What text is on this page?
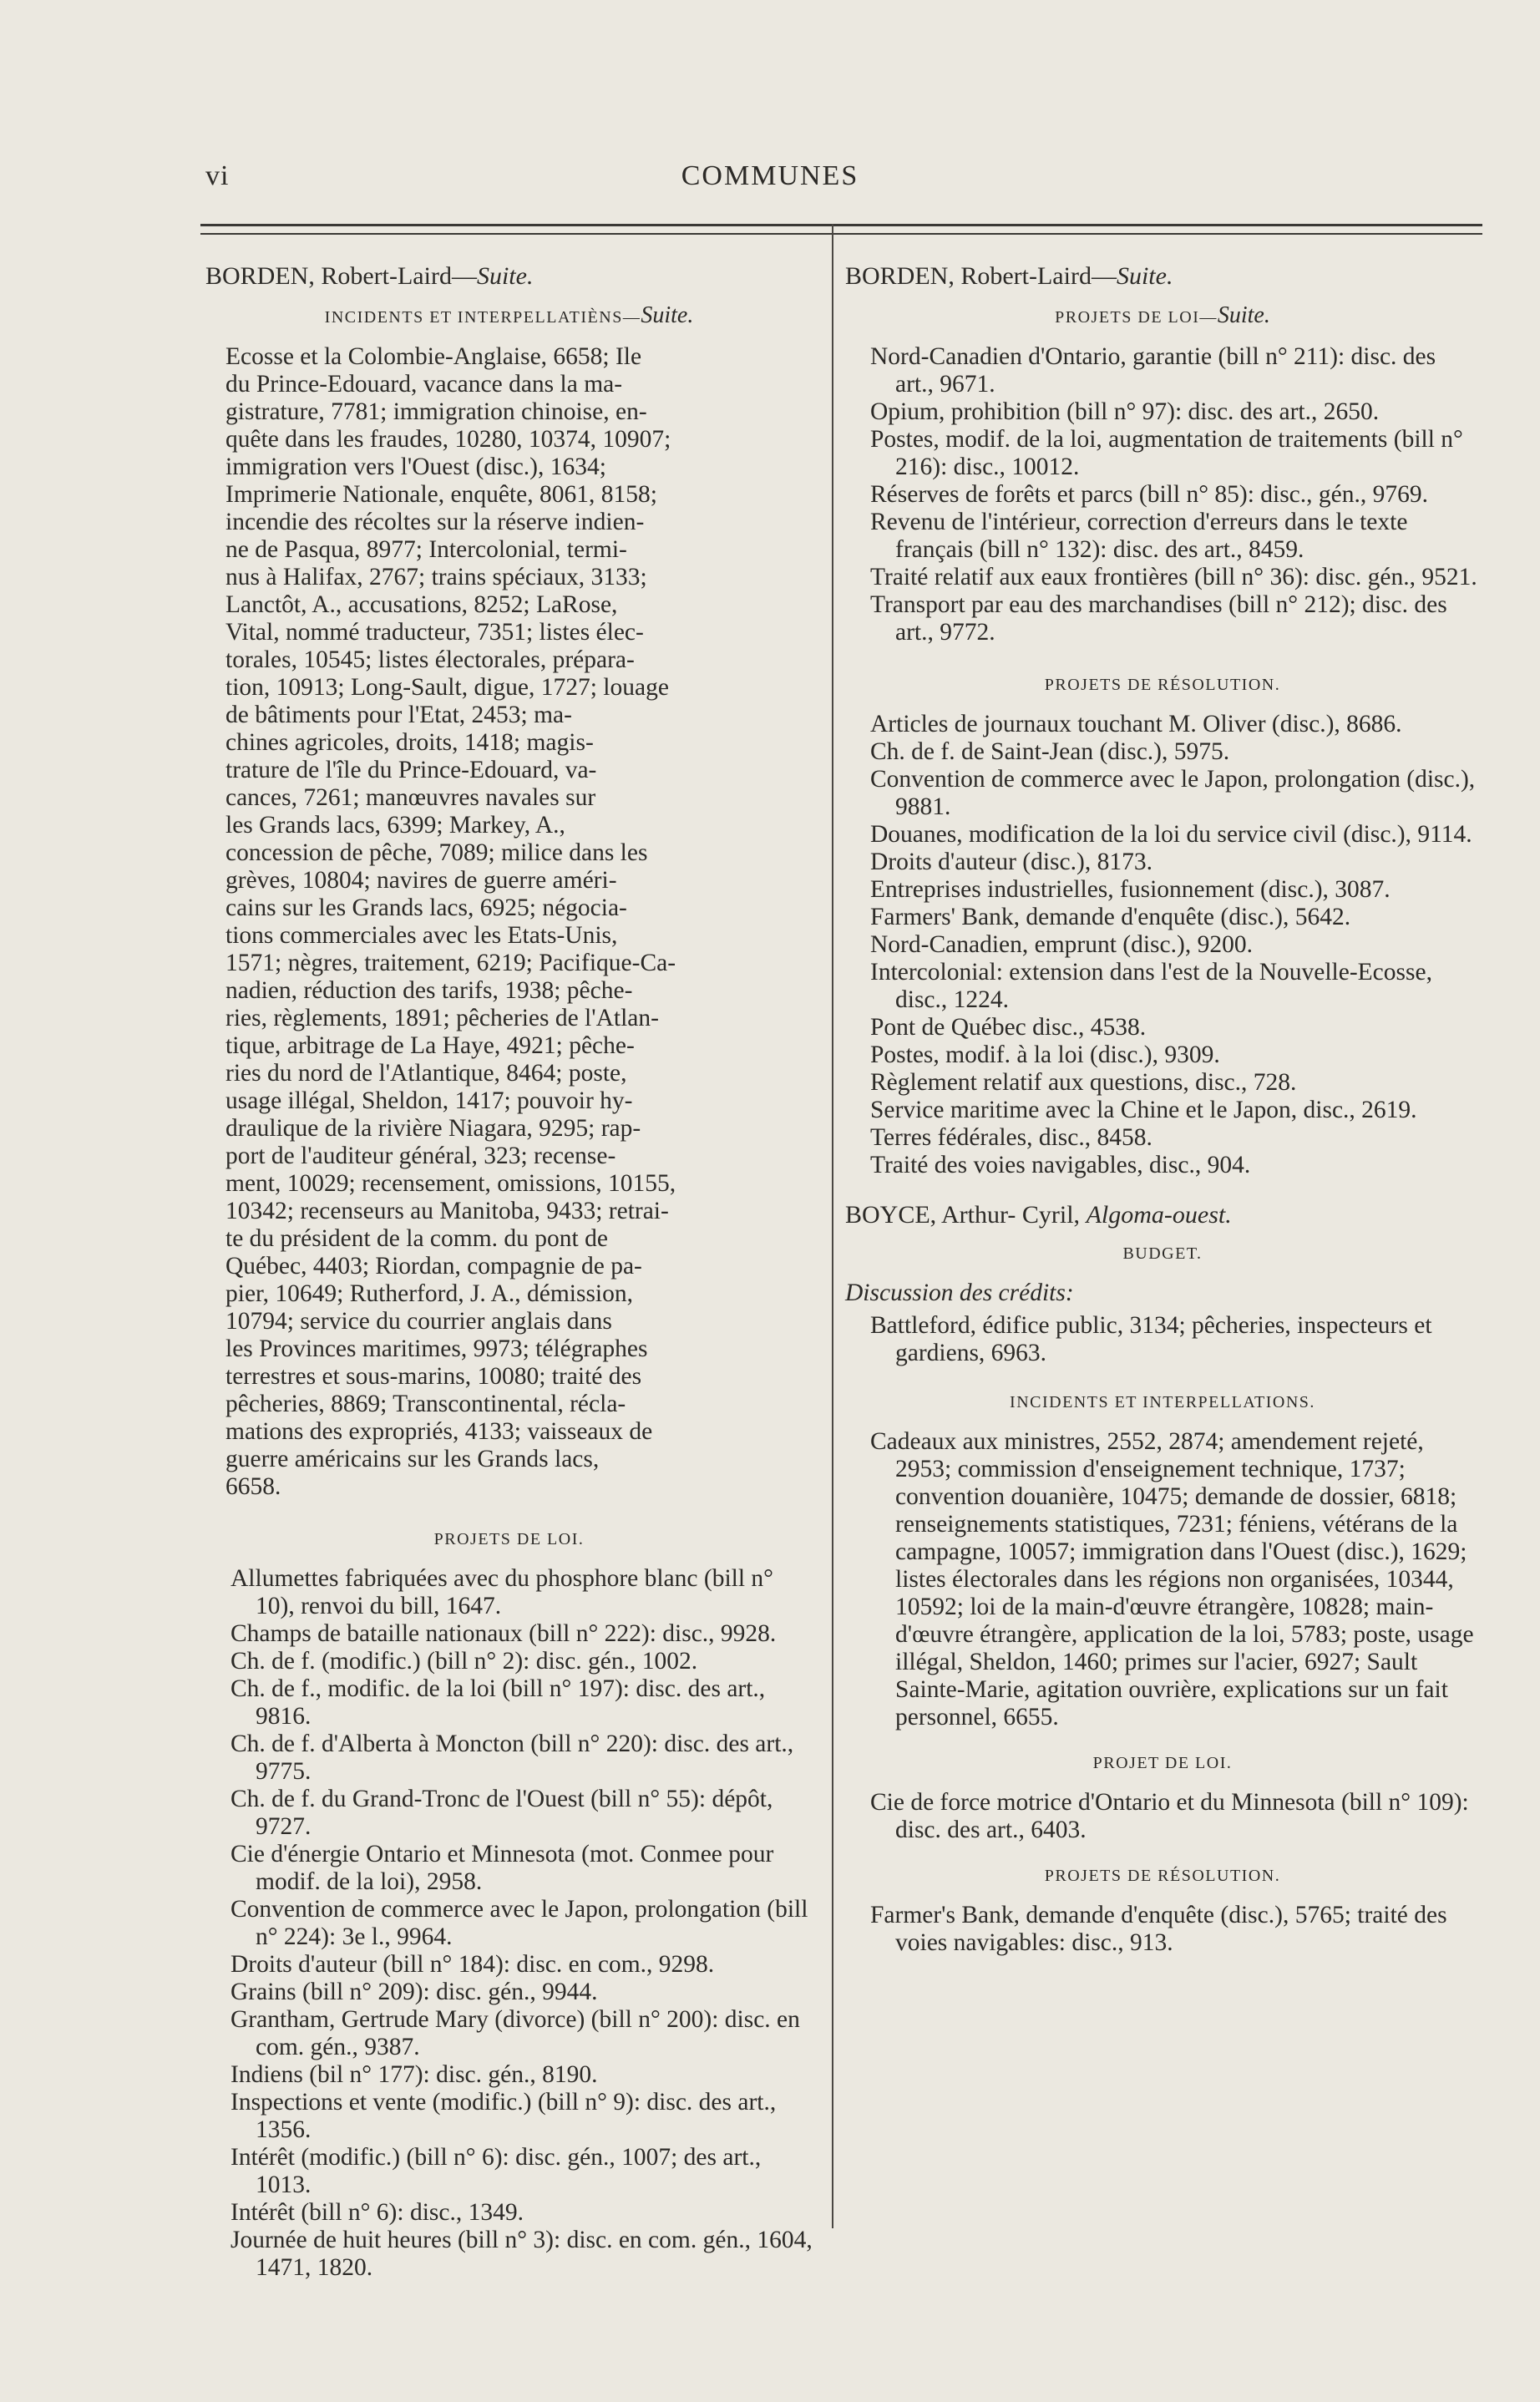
vi	COMMUNES
BORDEN, Robert-Laird—Suite.
INCIDENTS ET INTERPELLATIÈNS—Suite.
Ecosse et la Colombie-Anglaise, 6658; Ile
du Prince-Edouard, vacance dans la ma-
gistrature, 7781; immigration chinoise, en-
quête dans les fraudes, 10280, 10374, 10907;
immigration vers l'Ouest (disc.), 1634;
Imprimerie Nationale, enquête, 8061, 8158;
incendie des récoltes sur la réserve indien-
ne de Pasqua, 8977; Intercolonial, termi-
nus à Halifax, 2767; trains spéciaux, 3133;
Lanctôt, A., accusations, 8252; LaRose,
Vital, nommé traducteur, 7351; listes élec-
torales, 10545; listes électorales, prépara-
tion, 10913; Long-Sault, digue, 1727; louage
de bâtiments pour l'Etat, 2453; ma-
chines agricoles, droits, 1418; magis-
trature de l'île du Prince-Edouard, va-
cances, 7261; manœuvres navales sur
les Grands lacs, 6399; Markey, A.,
concession de pêche, 7089; milice dans les
grèves, 10804; navires de guerre améri-
cains sur les Grands lacs, 6925; négocia-
tions commerciales avec les Etats-Unis,
1571; nègres, traitement, 6219; Pacifique-Ca-
nadien, réduction des tarifs, 1938; pêche-
ries, règlements, 1891; pêcheries de l'Atlan-
tique, arbitrage de La Haye, 4921; pêche-
ries du nord de l'Atlantique, 8464; poste,
usage illégal, Sheldon, 1417; pouvoir hy-
draulique de la rivière Niagara, 9295; rap-
port de l'auditeur général, 323; recense-
ment, 10029; recensement, omissions, 10155,
10342; recenseurs au Manitoba, 9433; retrai-
te du président de la comm. du pont de
Québec, 4403; Riordan, compagnie de pa-
pier, 10649; Rutherford, J. A., démission,
10794; service du courrier anglais dans
les Provinces maritimes, 9973; télégraphes
terrestres et sous-marins, 10080; traité des
pêcheries, 8869; Transcontinental, récla-
mations des expropriés, 4133; vaisseaux de
guerre américains sur les Grands lacs,
6658.
PROJETS DE LOI.
Allumettes fabriquées avec du phosphore blanc (bill n° 10), renvoi du bill, 1647.
Champs de bataille nationaux (bill n° 222): disc., 9928.
Ch. de f. (modific.) (bill n° 2): disc. gén., 1002.
Ch. de f., modific. de la loi (bill n° 197): disc. des art., 9816.
Ch. de f. d'Alberta à Moncton (bill n° 220): disc. des art., 9775.
Ch. de f. du Grand-Tronc de l'Ouest (bill n° 55): dépôt, 9727.
Cie d'énergie Ontario et Minnesota (mot. Conmee pour modif. de la loi), 2958.
Convention de commerce avec le Japon, prolongation (bill n° 224): 3e l., 9964.
Droits d'auteur (bill n° 184): disc. en com., 9298.
Grains (bill n° 209): disc. gén., 9944.
Grantham, Gertrude Mary (divorce) (bill n° 200): disc. en com. gén., 9387.
Indiens (bil n° 177): disc. gén., 8190.
Inspections et vente (modific.) (bill n° 9): disc. des art., 1356.
Intérêt (modific.) (bill n° 6): disc. gén., 1007; des art., 1013.
Intérêt (bill n° 6): disc., 1349.
Journée de huit heures (bill n° 3): disc. en com. gén., 1604, 1471, 1820.
BORDEN, Robert-Laird—Suite.
PROJETS DE LOI—Suite.
Nord-Canadien d'Ontario, garantie (bill n° 211): disc. des art., 9671.
Opium, prohibition (bill n° 97): disc. des art., 2650.
Postes, modif. de la loi, augmentation de traitements (bill n° 216): disc., 10012.
Réserves de forêts et parcs (bill n° 85): disc., gén., 9769.
Revenu de l'intérieur, correction d'erreurs dans le texte français (bill n° 132): disc. des art., 8459.
Traité relatif aux eaux frontières (bill n° 36): disc. gén., 9521.
Transport par eau des marchandises (bill n° 212); disc. des art., 9772.
PROJETS DE RÉSOLUTION.
Articles de journaux touchant M. Oliver (disc.), 8686.
Ch. de f. de Saint-Jean (disc.), 5975.
Convention de commerce avec le Japon, prolongation (disc.), 9881.
Douanes, modification de la loi du service civil (disc.), 9114.
Droits d'auteur (disc.), 8173.
Entreprises industrielles, fusionnement (disc.), 3087.
Farmers' Bank, demande d'enquête (disc.), 5642.
Nord-Canadien, emprunt (disc.), 9200.
Intercolonial: extension dans l'est de la Nouvelle-Ecosse, disc., 1224.
Pont de Québec disc., 4538.
Postes, modif. à la loi (disc.), 9309.
Règlement relatif aux questions, disc., 728.
Service maritime avec la Chine et le Japon, disc., 2619.
Terres fédérales, disc., 8458.
Traité des voies navigables, disc., 904.
BOYCE, Arthur- Cyril, Algoma-ouest.
BUDGET.
Discussion des crédits:
Battleford, édifice public, 3134; pêcheries, inspecteurs et gardiens, 6963.
INCIDENTS ET INTERPELLATIONS.
Cadeaux aux ministres, 2552, 2874; amendement rejeté, 2953; commission d'enseignement technique, 1737; convention douanière, 10475; demande de dossier, 6818; renseignements statistiques, 7231; féniens, vétérans de la campagne, 10057; immigration dans l'Ouest (disc.), 1629; listes électorales dans les régions non organisées, 10344, 10592; loi de la main-d'œuvre étrangère, 10828; main-d'œuvre étrangère, application de la loi, 5783; poste, usage illégal, Sheldon, 1460; primes sur l'acier, 6927; Sault Sainte-Marie, agitation ouvrière, explications sur un fait personnel, 6655.
PROJET DE LOI.
Cie de force motrice d'Ontario et du Minnesota (bill n° 109): disc. des art., 6403.
PROJETS DE RÉSOLUTION.
Farmer's Bank, demande d'enquête (disc.), 5765; traité des voies navigables: disc., 913.
